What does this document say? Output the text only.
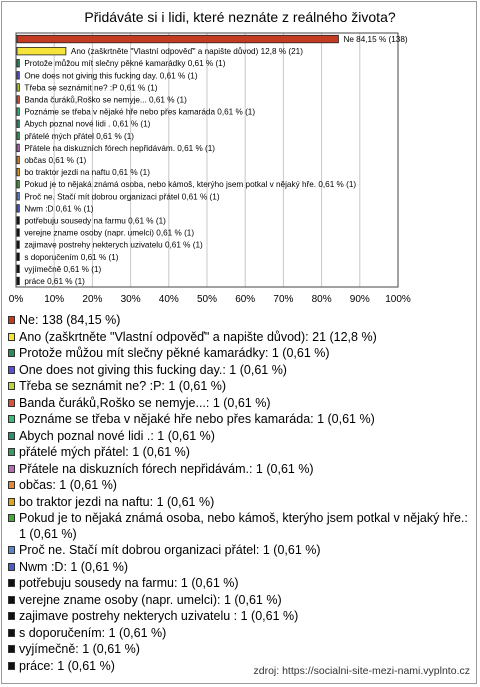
Přidáváte si i lidi, které neznáte z reálného života?
Ne 84,15 % (138)
Ano (zaškrtněte "Vlastní odpověď" a napište důvod) 12,8 % (21)
Protože můžou mít slečny pěkné kamarádky 0,61 % (1)
One does not giving this fucking day. 0,61 % (1)
Třeba se seznámit ne? :P 0,61 % (1)
Banda čuráků,Roško se nemyje... 0,61 % (1)
Poznáme se třeba v nějaké hře nebo přes kamaráda 0,61 % (1)
Abych poznal nové lidi . 0,61 % (1)
přátelé mých přátel 0,61 % (1)
Přátele na diskuzních fórech nepřidávám. 0,61 % (1)
občas 0,61 % (1)
bo traktor jezdi na naftu 0,61 % (1)
Pokud je to nějaká známá osoba, nebo kámoš, kterýho jsem potkal v nějaký hře. 0,61 % (1)
Proč ne. Stačí mít dobrou organizaci přátel 0,61 % (1)
Nwm :D 0,61 % (1)
potřebuju sousedy na farmu 0,61 % (1)
verejne zname osoby (napr. umelci) 0,61 % (1)
zajimave postrehy nekterych uzivatelu 0,61 % (1)
s doporučením 0,61 % (1)
vyjímečně 0,61 % (1)
práce 0,61 % (1)
0% 10% 20% 30% 40% 50% 60% 70% 80% 90% 100%
Ne: 138 (84,15 %)
Ano (zaškrtněte "Vlastní odpověď" a napište důvod): 21 (12,8 %)
Protože můžou mít slečny pěkné kamarádky: 1 (0,61 %)
One does not giving this fucking day.: 1 (0,61 %)
Třeba se seznámit ne? :P: 1 (0,61 %)
Banda čuráků,Roško se nemyje...: 1 (0,61 %)
Poznáme se třeba v nějaké hře nebo přes kamaráda: 1 (0,61 %)
Abych poznal nové lidi .: 1 (0,61 %)
přátelé mých přátel: 1 (0,61 %)
Přátele na diskuzních fórech nepřidávám.: 1 (0,61 %)
občas: 1 (0,61 %)
bo traktor jezdi na naftu: 1 (0,61 %)
Pokud je to nějaká známá osoba, nebo kámoš, kterýho jsem potkal v nějaký hře.: 1 (0,61 %)
Proč ne. Stačí mít dobrou organizaci přátel: 1 (0,61 %)
Nwm :D: 1 (0,61 %)
potřebuju sousedy na farmu: 1 (0,61 %)
verejne zname osoby (napr. umelci): 1 (0,61 %)
zajimave postrehy nekterych uzivatelu : 1 (0,61 %)
s doporučením: 1 (0,61 %)
vyjímečně: 1 (0,61 %)
práce: 1 (0,61 %)	zdroj: https://socialni-site-mezi-nami.vyplnto.cz
